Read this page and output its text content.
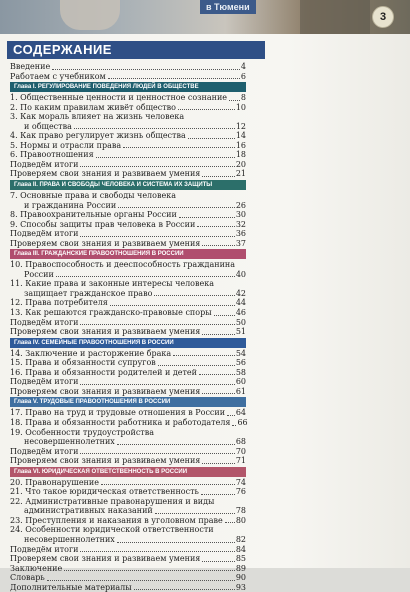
в Тюмени
3
СОДЕРЖАНИЕ
Введение	4
Работаем с учебником	6
Глава I. РЕГУЛИРОВАНИЕ ПОВЕДЕНИЯ ЛЮДЕЙ В ОБЩЕСТВЕ
1. Общественные ценности и ценностное сознание 8
2. По каким правилам живёт общество	10
3. Как мораль влияет на жизнь человека
и общества	12
4. Как право регулирует жизнь общества	14
5. Нормы и отрасли права	16
6. Правоотношения	18
Подведём итоги	20
Проверяем свои знания и развиваем умения	21
Глава II. ПРАВА И СВОБОДЫ ЧЕЛОВЕКА И СИСТЕМА ИХ ЗАЩИТЫ
7. Основные права и свободы человека
и гражданина России	26
8. Правоохранительные органы России	30
9. Способы защиты прав человека в России	32
Подведём итоги	36
Проверяем свои знания и развиваем умения	37
Глава III. ГРАЖДАНСКИЕ ПРАВООТНОШЕНИЯ В РОССИИ
10. Правоспособность и дееспособность гражданина
России	40
11. Какие права и законные интересы человека
защищает гражданское право	42
12. Права потребителя	44
13. Как решаются гражданско-правовые споры	46
Подведём итоги	50
Проверяем свои знания и развиваем умения	51
Глава IV. СЕМЕЙНЫЕ ПРАВООТНОШЕНИЯ В РОССИИ
14. Заключение и расторжение брака	54
15. Права и обязанности супругов	56
16. Права и обязанности родителей и детей	58
Подведём итоги	60
Проверяем свои знания и развиваем умения	61
Глава V. ТРУДОВЫЕ ПРАВООТНОШЕНИЯ В РОССИИ
17. Право на труд и трудовые отношения в России 64
18. Права и обязанности работника и работодателя 66
19. Особенности трудоустройства
несовершеннолетних	68
Подведём итоги	70
Проверяем свои знания и развиваем умения	71
Глава VI. ЮРИДИЧЕСКАЯ ОТВЕТСТВЕННОСТЬ В РОССИИ
20. Правонарушение	74
21. Что такое юридическая ответственность	76
22. Административные правонарушения и виды
административных наказаний	78
23. Преступления и наказания в уголовном праве 80
24. Особенности юридической ответственности
несовершеннолетних	82
Подведём итоги	84
Проверяем свои знания и развиваем умения	85
Заключение	89
Словарь	90
Дополнительные материалы	93
